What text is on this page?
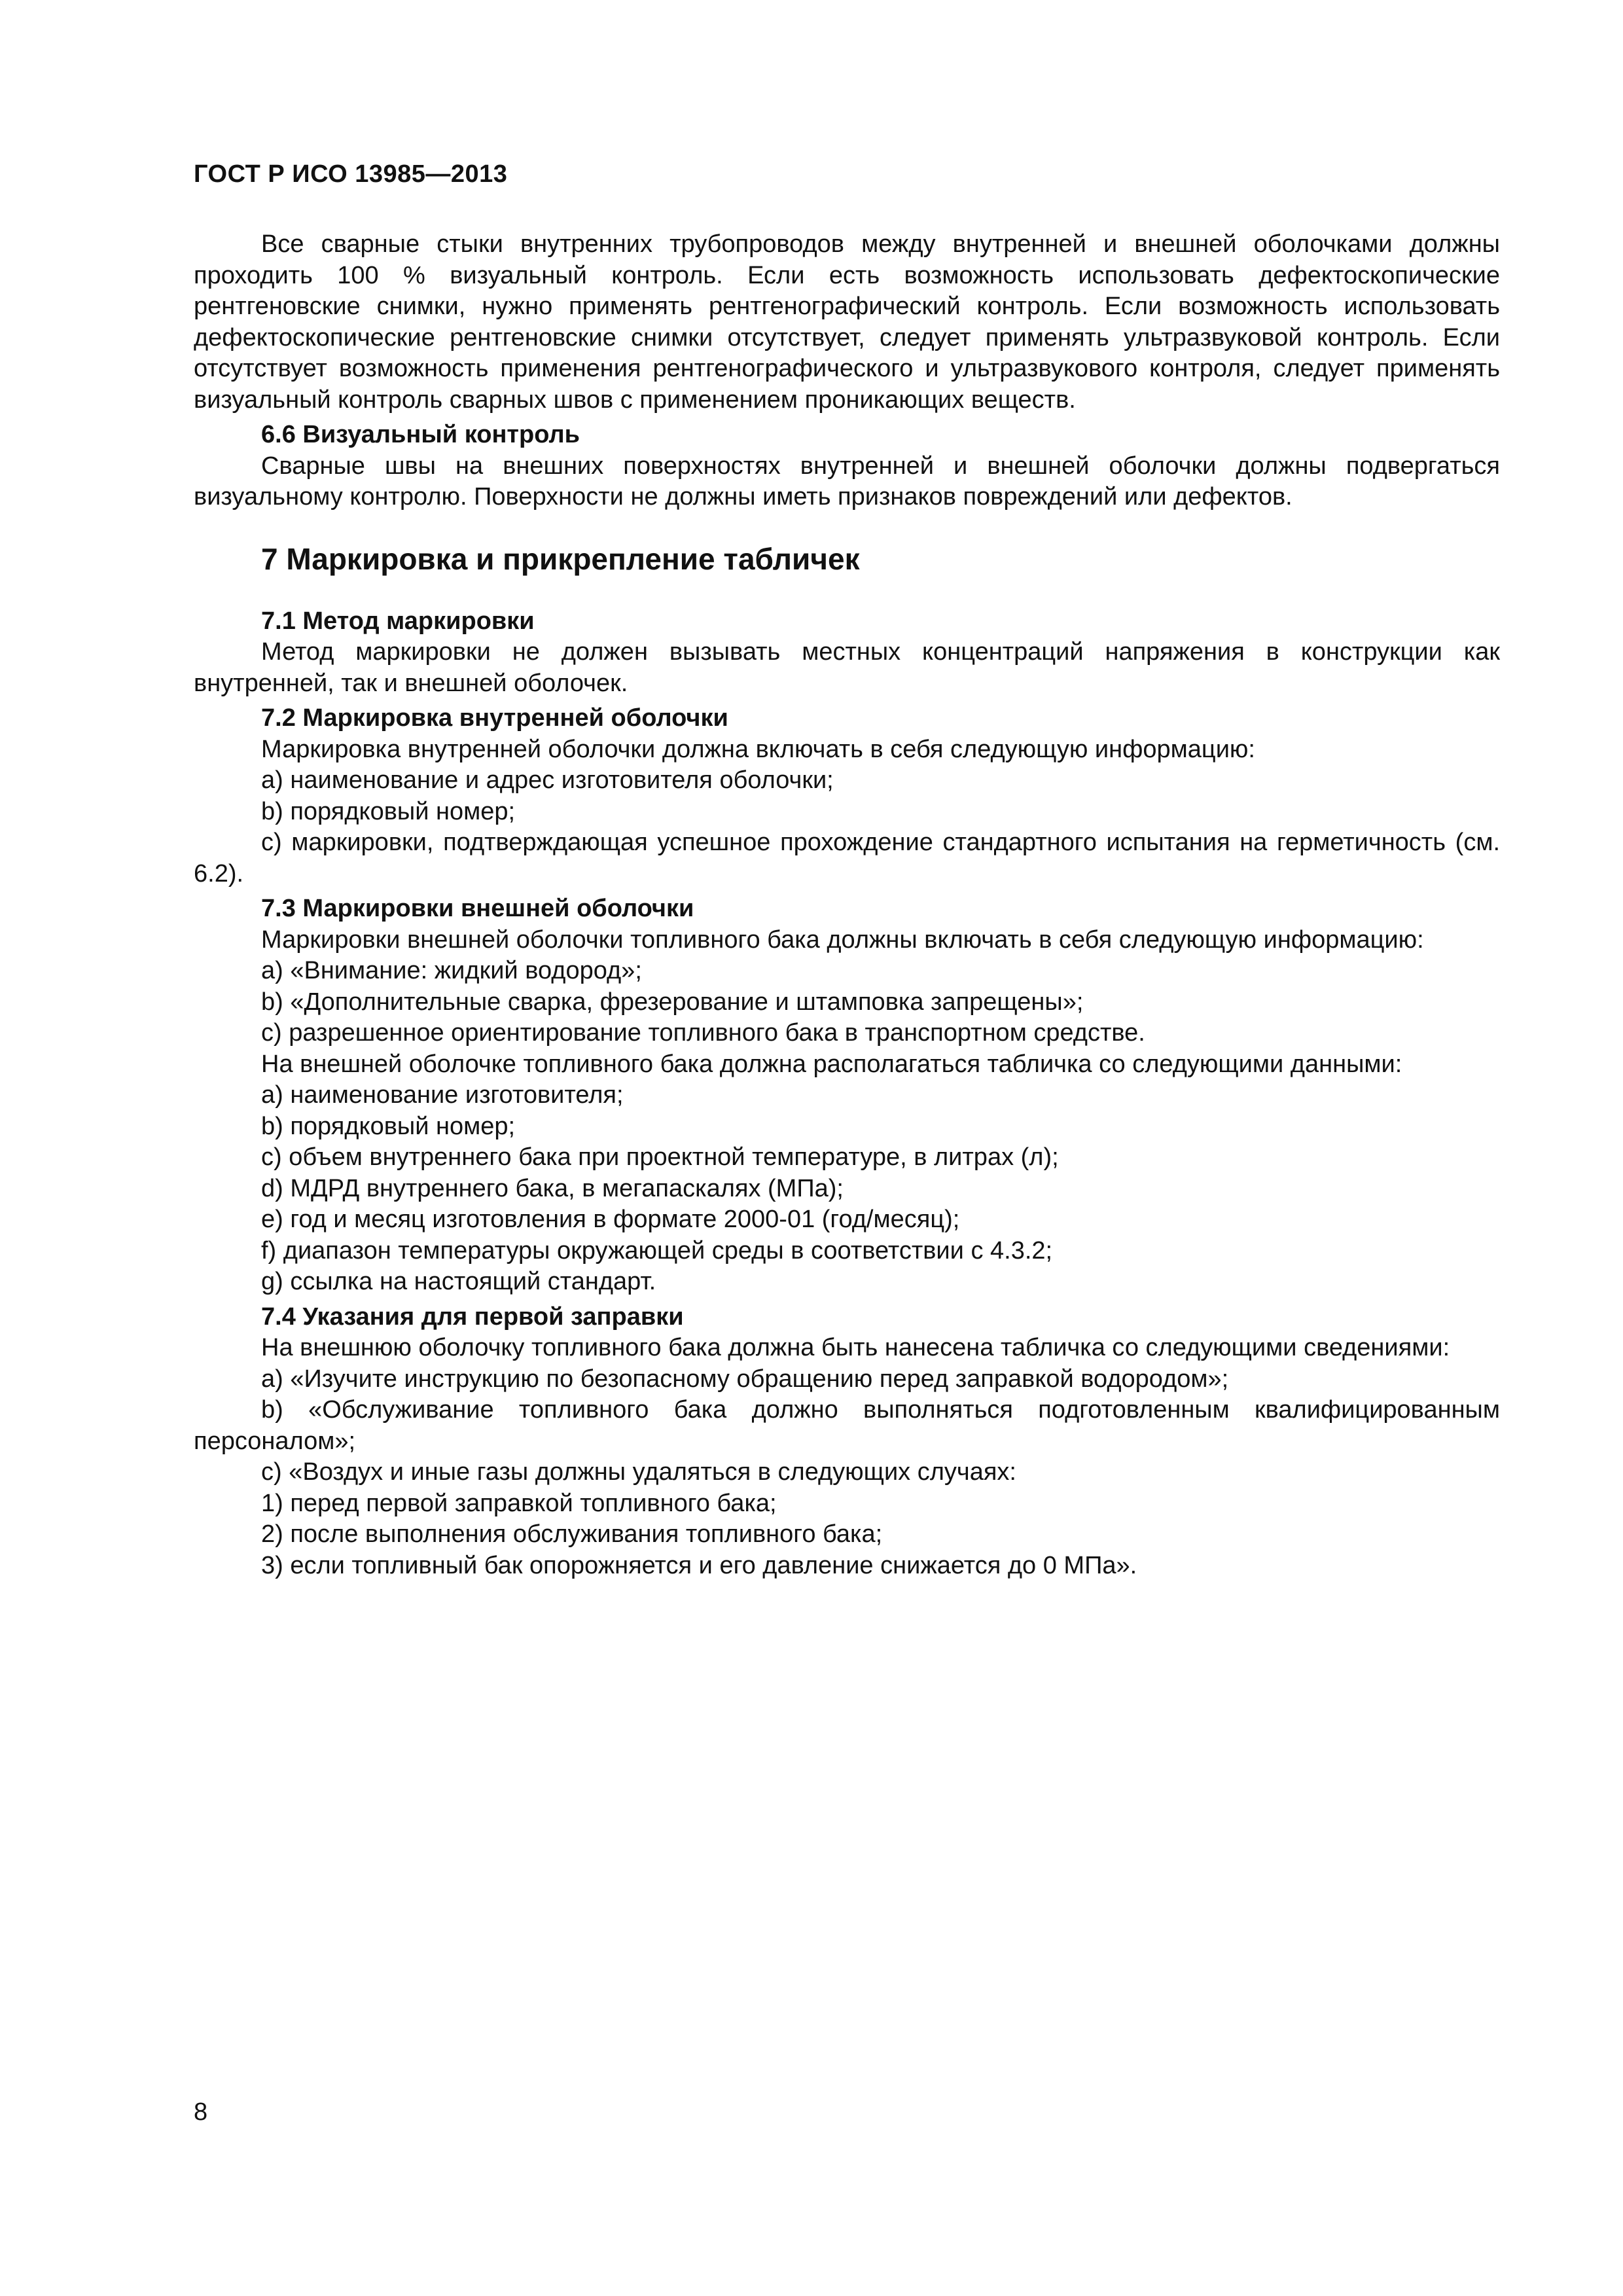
ГОСТ Р ИСО 13985—2013

Все сварные стыки внутренних трубопроводов между внутренней и внешней оболочками должны проходить 100 % визуальный контроль. Если есть возможность использовать дефектоскопические рентгеновские снимки, нужно применять рентгенографический контроль. Если возможность использовать дефектоскопические рентгеновские снимки отсутствует, следует применять ультразвуковой контроль. Если отсутствует возможность применения рентгенографического и ультразвукового контроля, следует применять визуальный контроль сварных швов с применением проникающих веществ.

6.6 Визуальный контроль

Сварные швы на внешних поверхностях внутренней и внешней оболочки должны подвергаться визуальному контролю. Поверхности не должны иметь признаков повреждений или дефектов.

7 Маркировка и прикрепление табличек
7.1 Метод маркировки

Метод маркировки не должен вызывать местных концентраций напряжения в конструкции как внутренней, так и внешней оболочек.

7.2 Маркировка внутренней оболочки

Маркировка внутренней оболочки должна включать в себя следующую информацию:

a) наименование и адрес изготовителя оболочки;
b) порядковый номер;
c) маркировки, подтверждающая успешное прохождение стандартного испытания на герметичность (см. 6.2).
7.3 Маркировки внешней оболочки

Маркировки внешней оболочки топливного бака должны включать в себя следующую информацию:

a) «Внимание: жидкий водород»;
b) «Дополнительные сварка, фрезерование и штамповка запрещены»;
c) разрешенное ориентирование топливного бака в транспортном средстве.

На внешней оболочке топливного бака должна располагаться табличка со следующими данными:

a) наименование изготовителя;
b) порядковый номер;
c) объем внутреннего бака при проектной температуре, в литрах (л);
d) МДРД внутреннего бака, в мегапаскалях (МПа);
e) год и месяц изготовления в формате 2000-01 (год/месяц);
f) диапазон температуры окружающей среды в соответствии с 4.3.2;
g) ссылка на настоящий стандарт.
7.4 Указания для первой заправки

На внешнюю оболочку топливного бака должна быть нанесена табличка со следующими сведениями:

a) «Изучите инструкцию по безопасному обращению перед заправкой водородом»;
b) «Обслуживание топливного бака должно выполняться подготовленным квалифицированным персоналом»;
c) «Воздух и иные газы должны удаляться в следующих случаях:
1) перед первой заправкой топливного бака;
2) после выполнения обслуживания топливного бака;
3) если топливный бак опорожняется и его давление снижается до 0 МПа».
8
